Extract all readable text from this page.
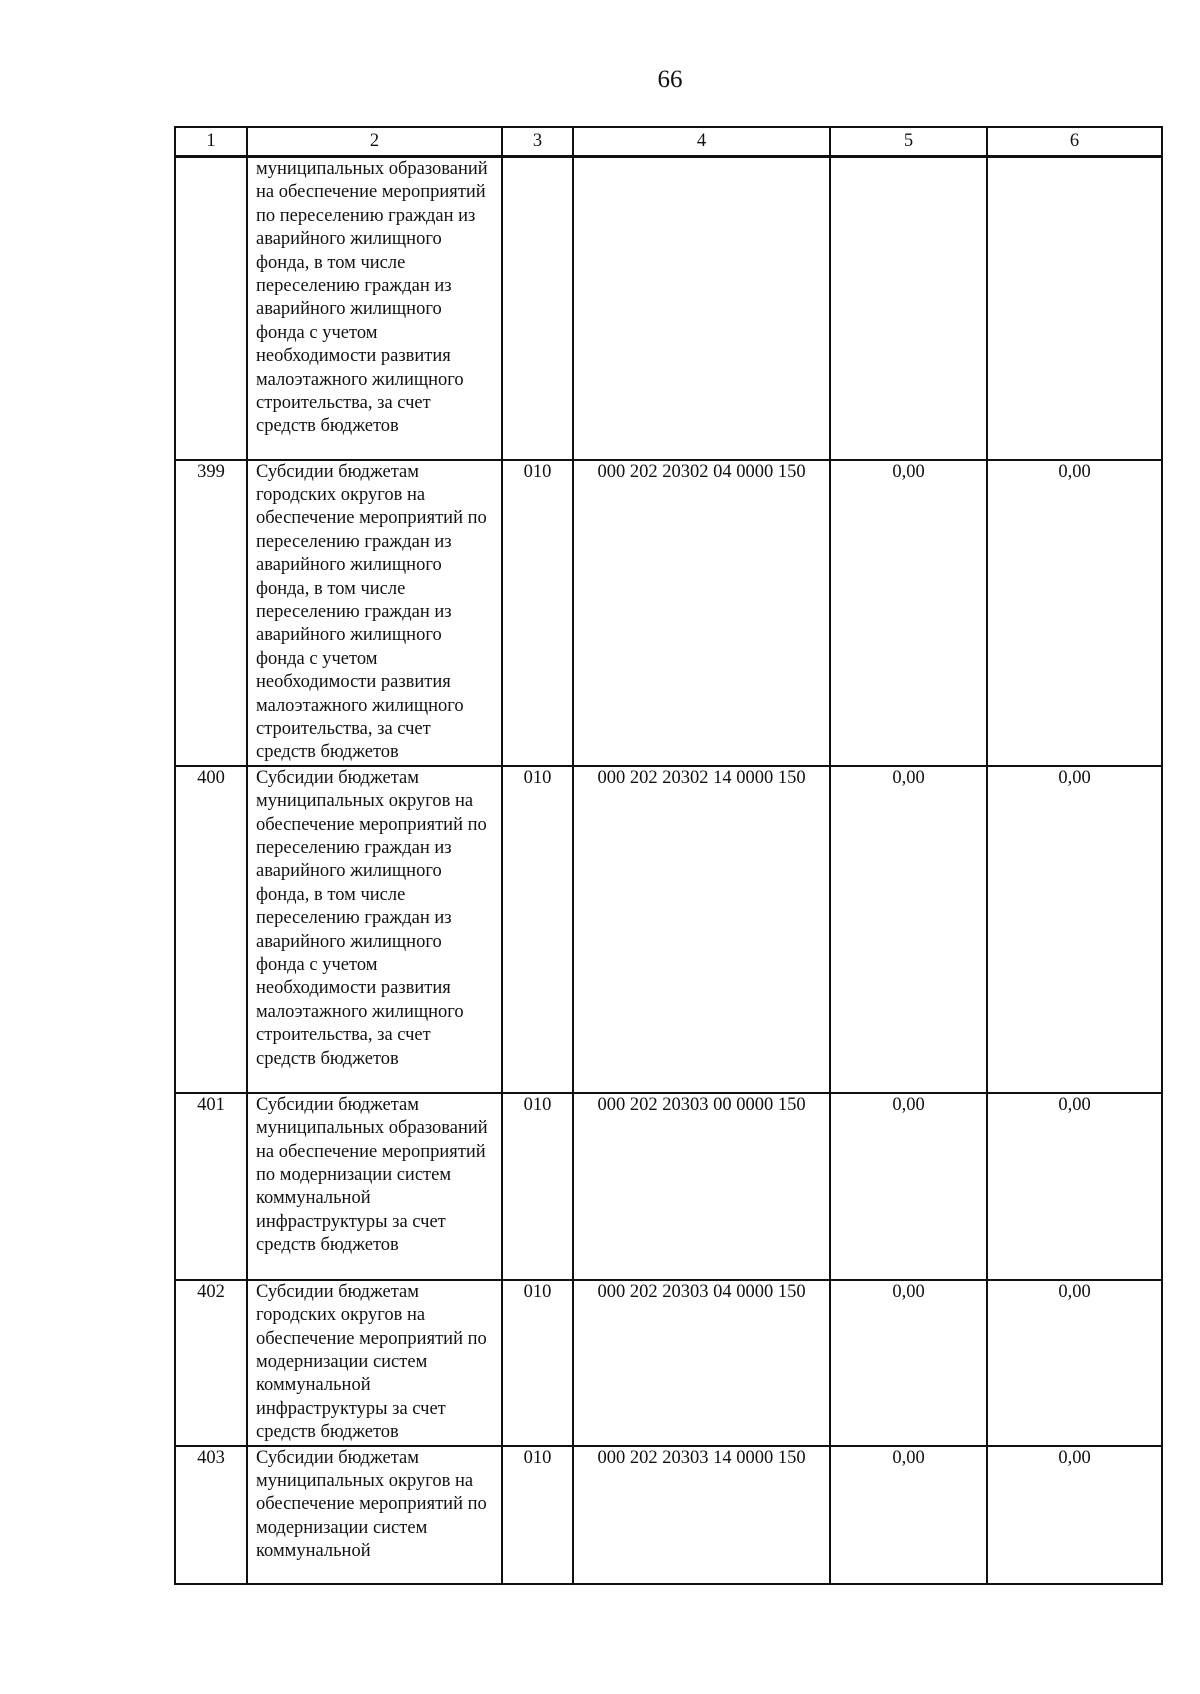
66
1	2	3	4	5	6
	муниципальных образований на обеспечение мероприятий по переселению граждан из аварийного жилищного фонда, в том числе переселению граждан из аварийного жилищного фонда с учетом необходимости развития малоэтажного жилищного строительства, за счет средств бюджетов				
399	Субсидии бюджетам городских округов на обеспечение мероприятий по переселению граждан из аварийного жилищного фонда, в том числе переселению граждан из аварийного жилищного фонда с учетом необходимости развития малоэтажного жилищного строительства, за счет средств бюджетов	010	000 202 20302 04 0000 150	0,00	0,00
400	Субсидии бюджетам муниципальных округов на обеспечение мероприятий по переселению граждан из аварийного жилищного фонда, в том числе переселению граждан из аварийного жилищного фонда с учетом необходимости развития малоэтажного жилищного строительства, за счет средств бюджетов	010	000 202 20302 14 0000 150	0,00	0,00
401	Субсидии бюджетам муниципальных образований на обеспечение мероприятий по модернизации систем коммунальной инфраструктуры за счет средств бюджетов	010	000 202 20303 00 0000 150	0,00	0,00
402	Субсидии бюджетам городских округов на обеспечение мероприятий по модернизации систем коммунальной инфраструктуры за счет средств бюджетов	010	000 202 20303 04 0000 150	0,00	0,00
403	Субсидии бюджетам муниципальных округов на обеспечение мероприятий по модернизации систем коммунальной	010	000 202 20303 14 0000 150	0,00	0,00
